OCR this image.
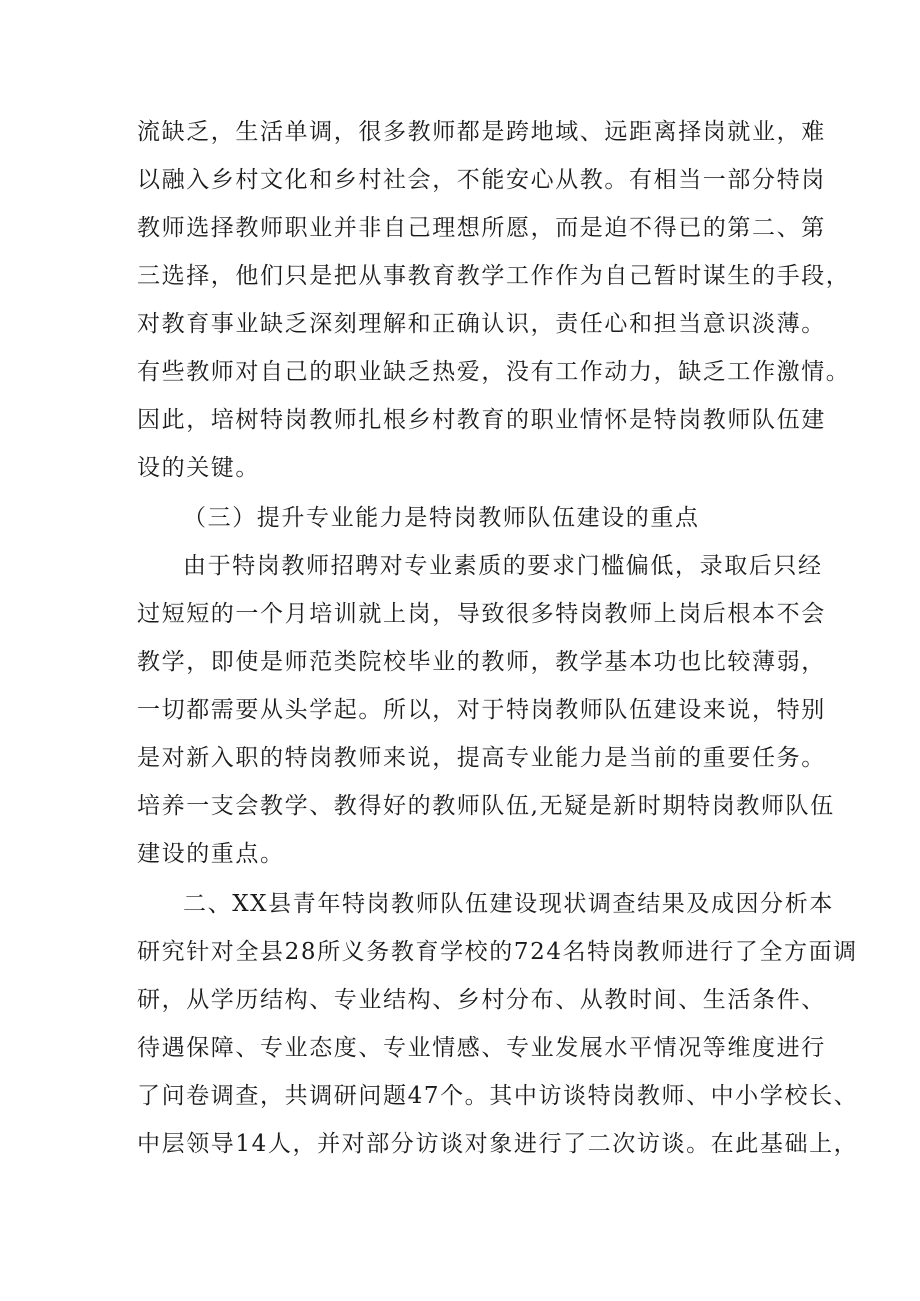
流缺乏，生活单调，很多教师都是跨地域、远距离择岗就业，难
以融入乡村文化和乡村社会，不能安心从教。有相当一部分特岗
教师选择教师职业并非自己理想所愿，而是迫不得已的第二、第
三选择，他们只是把从事教育教学工作作为自己暂时谋生的手段，
对教育事业缺乏深刻理解和正确认识，责任心和担当意识淡薄。
有些教师对自己的职业缺乏热爱，没有工作动力，缺乏工作激情。
因此，培树特岗教师扎根乡村教育的职业情怀是特岗教师队伍建
设的关键。
（三）提升专业能力是特岗教师队伍建设的重点
由于特岗教师招聘对专业素质的要求门槛偏低，录取后只经
过短短的一个月培训就上岗，导致很多特岗教师上岗后根本不会
教学，即使是师范类院校毕业的教师，教学基本功也比较薄弱，
一切都需要从头学起。所以，对于特岗教师队伍建设来说，特别
是对新入职的特岗教师来说，提高专业能力是当前的重要任务。
培养一支会教学、教得好的教师队伍,无疑是新时期特岗教师队伍
建设的重点。
二、XX县青年特岗教师队伍建设现状调查结果及成因分析本
研究针对全县28所义务教育学校的724名特岗教师进行了全方面调
研，从学历结构、专业结构、乡村分布、从教时间、生活条件、
待遇保障、专业态度、专业情感、专业发展水平情况等维度进行
了问卷调查，共调研问题47个。其中访谈特岗教师、中小学校长、
中层领导14人，并对部分访谈对象进行了二次访谈。在此基础上，
